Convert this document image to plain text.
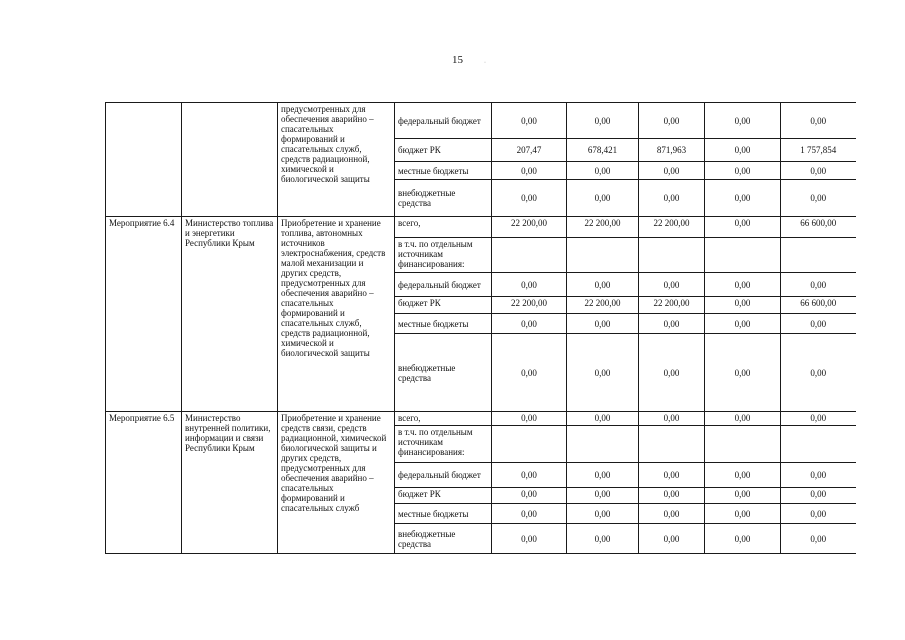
15	·
		предусмотренных для обеспечения аварийно – спасательных формирований и спасательных служб, средств радиационной, химической и биологической защиты	федеральный бюджет	0,00	0,00	0,00	0,00	0,00
			бюджет РК	207,47	678,421	871,963	0,00	1 757,854
			местные бюджеты	0,00	0,00	0,00	0,00	0,00
			внебюджетные средства	0,00	0,00	0,00	0,00	0,00
Мероприятие 6.4	Министерство топлива и энергетики Республики Крым	Приобретение и хранение топлива, автономных источников электроснабжения, средств малой механизации и других средств, предусмотренных для обеспечения аварийно – спасательных формирований и спасательных служб, средств радиационной, химической и биологической защиты	всего,	22 200,00	22 200,00	22 200,00	0,00	66 600,00
			в т.ч. по отдельным источникам финансирования:					
			федеральный бюджет	0,00	0,00	0,00	0,00	0,00
			бюджет РК	22 200,00	22 200,00	22 200,00	0,00	66 600,00
			местные бюджеты	0,00	0,00	0,00	0,00	0,00
			внебюджетные средства	0,00	0,00	0,00	0,00	0,00
Мероприятие 6.5	Министерство внутренней политики, информации и связи Республики Крым	Приобретение и хранение средств связи, средств радиационной, химической биологической защиты и других средств, предусмотренных для обеспечения аварийно – спасательных формирований и спасательных служб	всего,	0,00	0,00	0,00	0,00	0,00
			в т.ч. по отдельным источникам финансирования:					
			федеральный бюджет	0,00	0,00	0,00	0,00	0,00
			бюджет РК	0,00	0,00	0,00	0,00	0,00
			местные бюджеты	0,00	0,00	0,00	0,00	0,00
			внебюджетные средства	0,00	0,00	0,00	0,00	0,00
